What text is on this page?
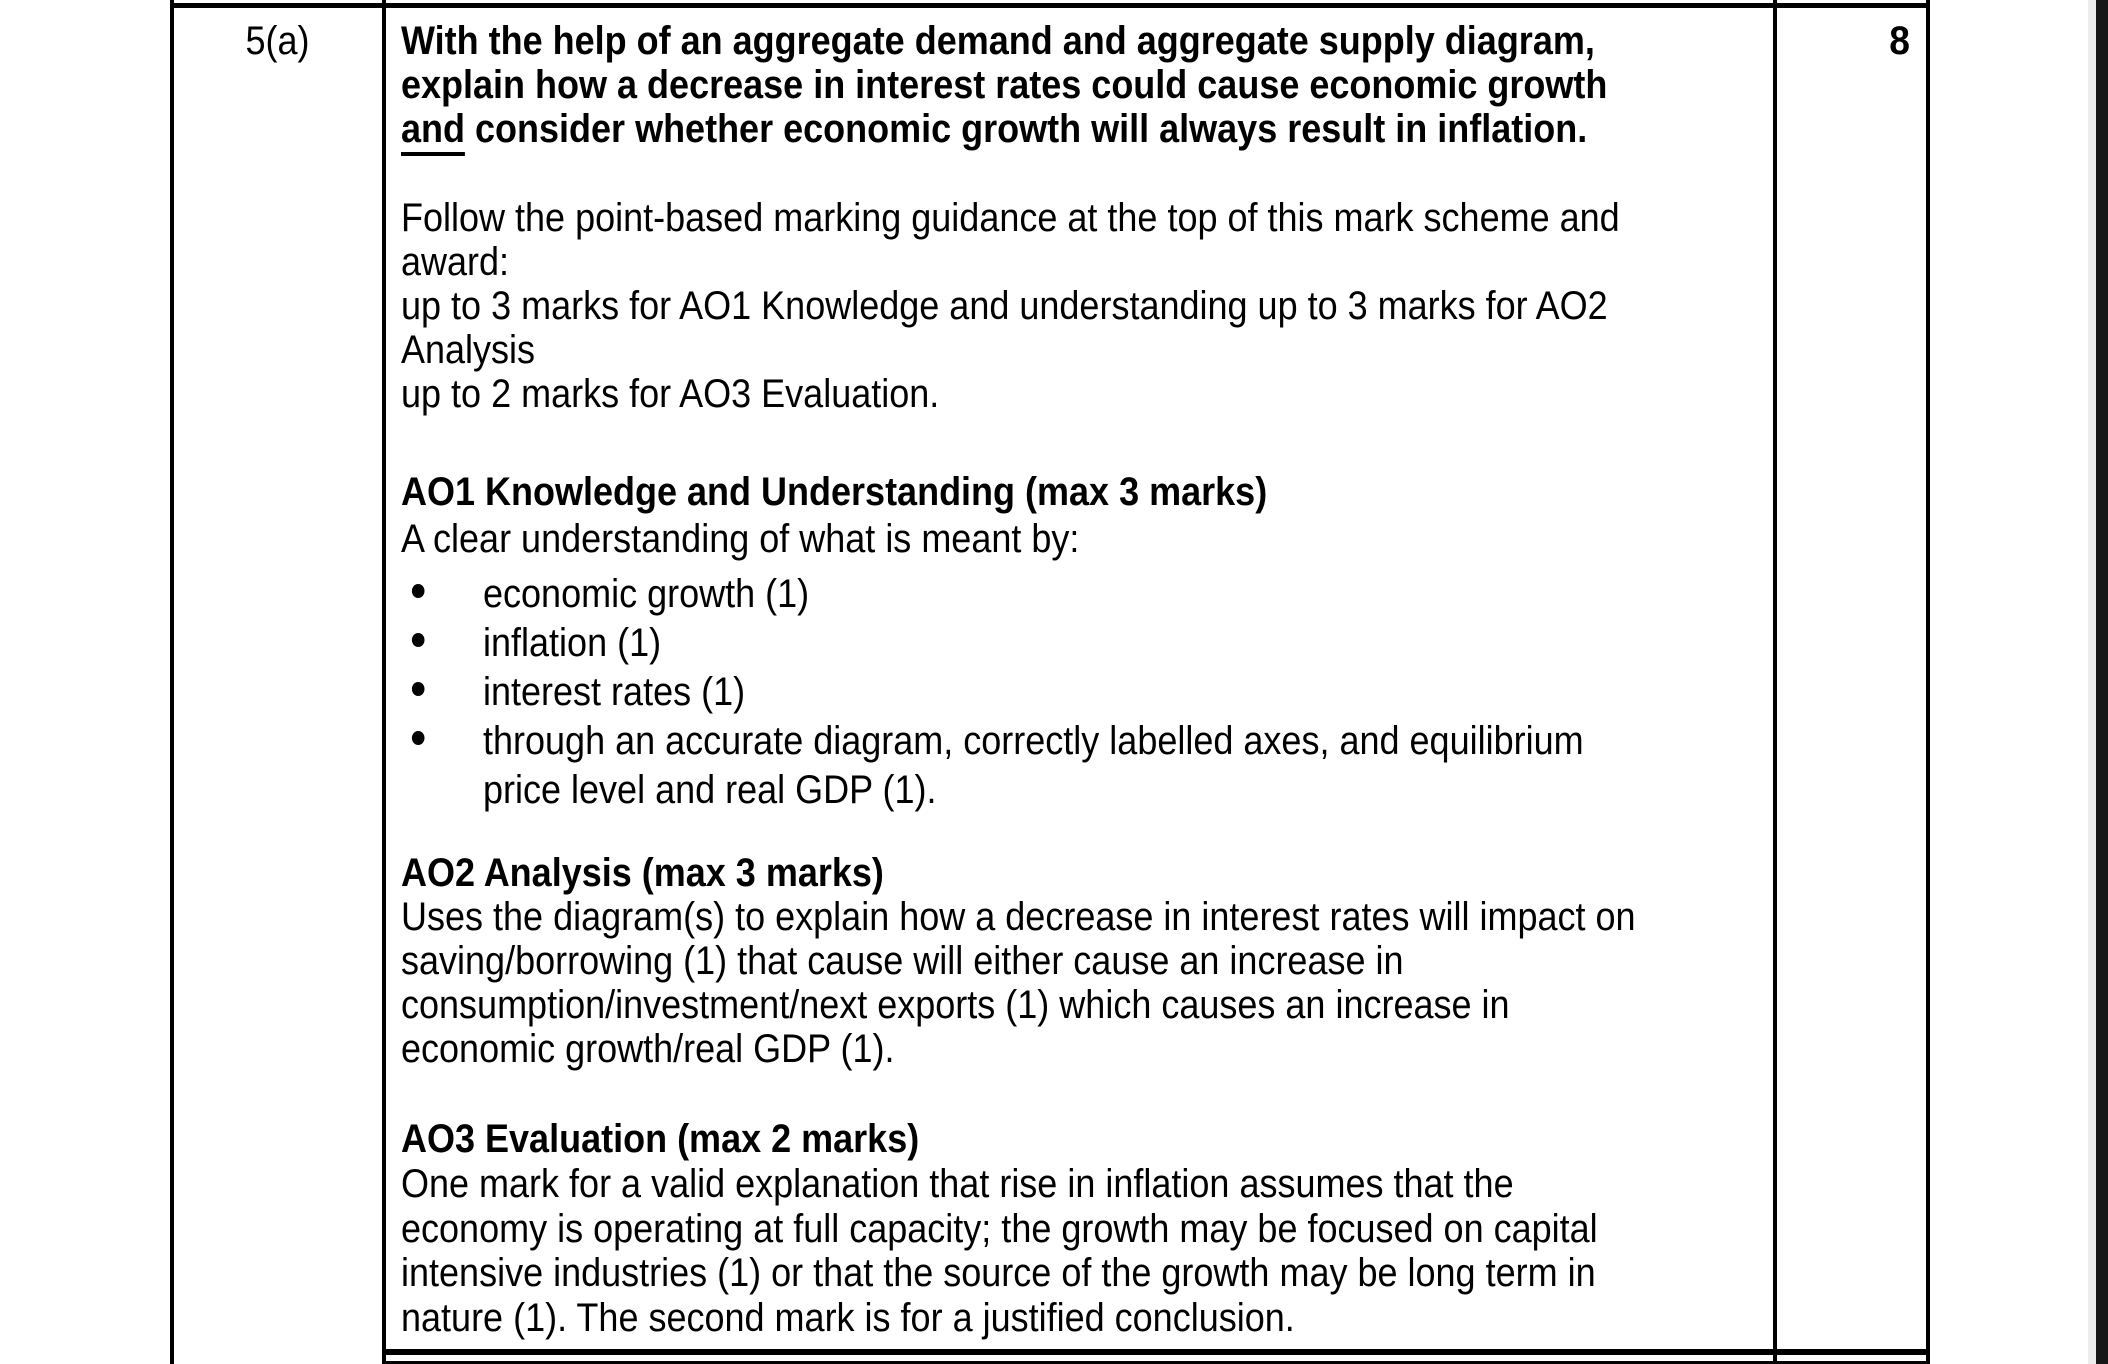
5(a)	8
With the help of an aggregate demand and aggregate supply diagram,
explain how a decrease in interest rates could cause economic growth
and consider whether economic growth will always result in inflation.
Follow the point-based marking guidance at the top of this mark scheme and
award:
up to 3 marks for AO1 Knowledge and understanding up to 3 marks for AO2
Analysis
up to 2 marks for AO3 Evaluation.
AO1 Knowledge and Understanding (max 3 marks)
A clear understanding of what is meant by:
economic growth (1)
inflation (1)
interest rates (1)
through an accurate diagram, correctly labelled axes, and equilibrium
price level and real GDP (1).
AO2 Analysis (max 3 marks)
Uses the diagram(s) to explain how a decrease in interest rates will impact on
saving/borrowing (1) that cause will either cause an increase in
consumption/investment/next exports (1) which causes an increase in
economic growth/real GDP (1).
AO3 Evaluation (max 2 marks)
One mark for a valid explanation that rise in inflation assumes that the
economy is operating at full capacity; the growth may be focused on capital
intensive industries (1) or that the source of the growth may be long term in
nature (1). The second mark is for a justified conclusion.
